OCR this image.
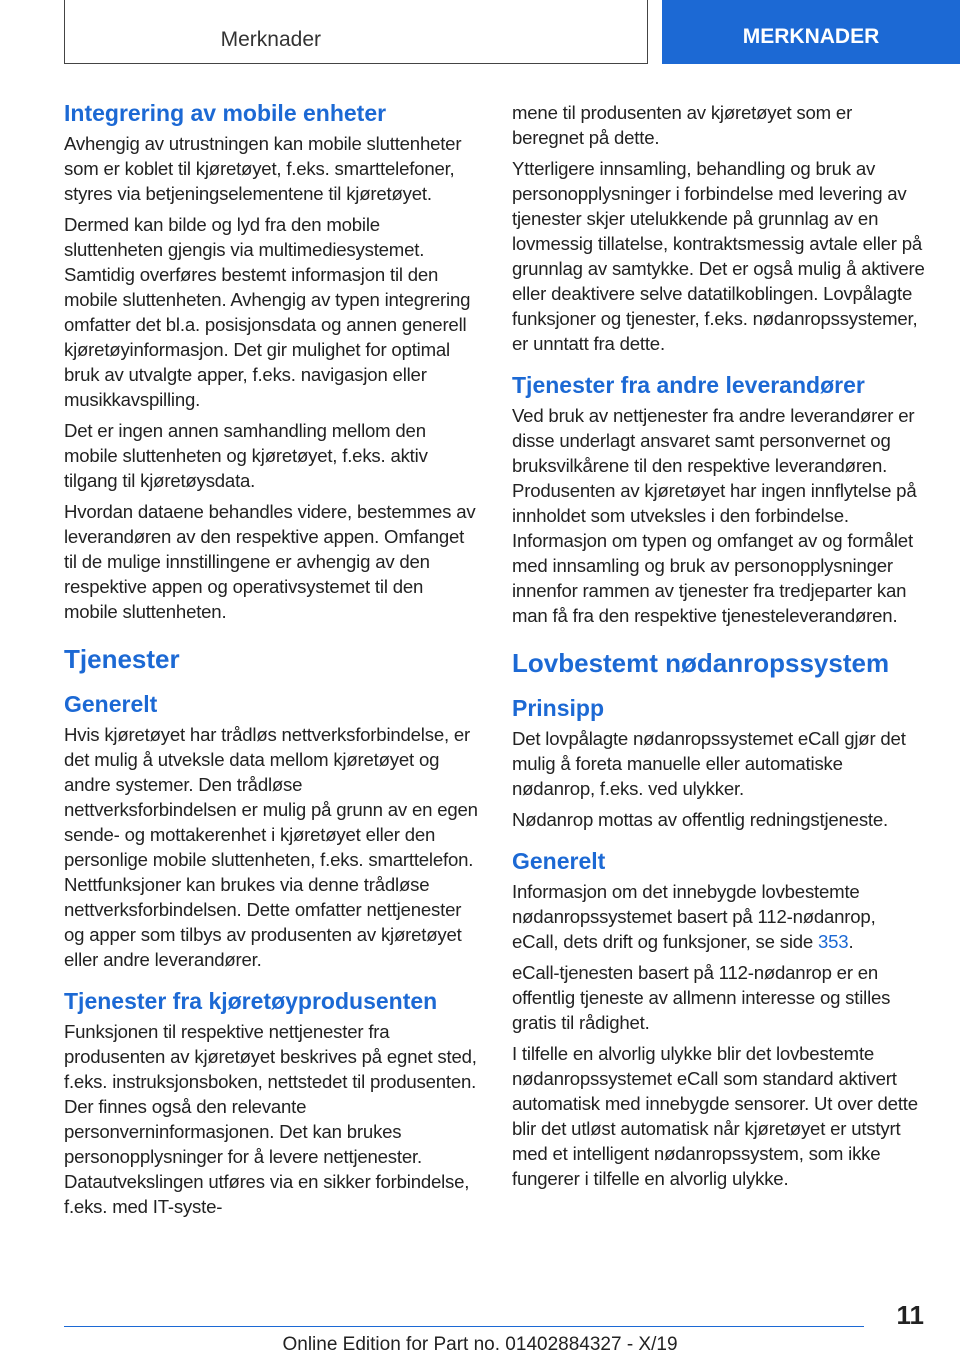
Merknader	MERKNADER
Integrering av mobile enheter

Avhengig av utrustningen kan mobile sluttenheter som er koblet til kjøretøyet, f.eks. smarttelefoner, styres via betjeningselementene til kjøretøyet.

Dermed kan bilde og lyd fra den mobile sluttenheten gjengis via multimediesystemet. Samtidig overføres bestemt informasjon til den mobile sluttenheten. Avhengig av typen integrering omfatter det bl.a. posisjonsdata og annen generell kjøretøyinformasjon. Det gir mulighet for optimal bruk av utvalgte apper, f.eks. navigasjon eller musikkavspilling.

Det er ingen annen samhandling mellom den mobile sluttenheten og kjøretøyet, f.eks. aktiv tilgang til kjøretøysdata.

Hvordan dataene behandles videre, bestemmes av leverandøren av den respektive appen. Omfanget til de mulige innstillingene er avhengig av den respektive appen og operativsystemet til den mobile sluttenheten.

Tjenester
Generelt

Hvis kjøretøyet har trådløs nettverksforbindelse, er det mulig å utveksle data mellom kjøretøyet og andre systemer. Den trådløse nettverksforbindelsen er mulig på grunn av en egen sende- og mottakerenhet i kjøretøyet eller den personlige mobile sluttenheten, f.eks. smarttelefon. Nettfunksjoner kan brukes via denne trådløse nettverksforbindelsen. Dette omfatter nettjenester og apper som tilbys av produsenten av kjøretøyet eller andre leverandører.

Tjenester fra kjøretøyprodusenten

Funksjonen til respektive nettjenester fra produsenten av kjøretøyet beskrives på egnet sted, f.eks. instruksjonsboken, nettstedet til produsenten. Der finnes også den relevante personverninformasjonen. Det kan brukes personopplysninger for å levere nettjenester. Datautvekslingen utføres via en sikker forbindelse, f.eks. med IT-syste-

mene til produsenten av kjøretøyet som er beregnet på dette.

Ytterligere innsamling, behandling og bruk av personopplysninger i forbindelse med levering av tjenester skjer utelukkende på grunnlag av en lovmessig tillatelse, kontraktsmessig avtale eller på grunnlag av samtykke. Det er også mulig å aktivere eller deaktivere selve datatilkoblingen. Lovpålagte funksjoner og tjenester, f.eks. nødanropssystemer, er unntatt fra dette.

Tjenester fra andre leverandører

Ved bruk av nettjenester fra andre leverandører er disse underlagt ansvaret samt personvernet og bruksvilkårene til den respektive leverandøren. Produsenten av kjøretøyet har ingen innflytelse på innholdet som utveksles i den forbindelse. Informasjon om typen og omfanget av og formålet med innsamling og bruk av personopplysninger innenfor rammen av tjenester fra tredjeparter kan man få fra den respektive tjenesteleverandøren.

Lovbestemt nødanropssystem
Prinsipp

Det lovpålagte nødanropssystemet eCall gjør det mulig å foreta manuelle eller automatiske nødanrop, f.eks. ved ulykker.

Nødanrop mottas av offentlig redningstjeneste.

Generelt

Informasjon om det innebygde lovbestemte nødanropssystemet basert på 112-nødanrop, eCall, dets drift og funksjoner, se side 353.

eCall-tjenesten basert på 112-nødanrop er en offentlig tjeneste av allmenn interesse og stilles gratis til rådighet.

I tilfelle en alvorlig ulykke blir det lovbestemte nødanropssystemet eCall som standard aktivert automatisk med innebygde sensorer. Ut over dette blir det utløst automatisk når kjøretøyet er utstyrt med et intelligent nødanropssystem, som ikke fungerer i tilfelle en alvorlig ulykke.

11
Online Edition for Part no. 01402884327 - X/19
